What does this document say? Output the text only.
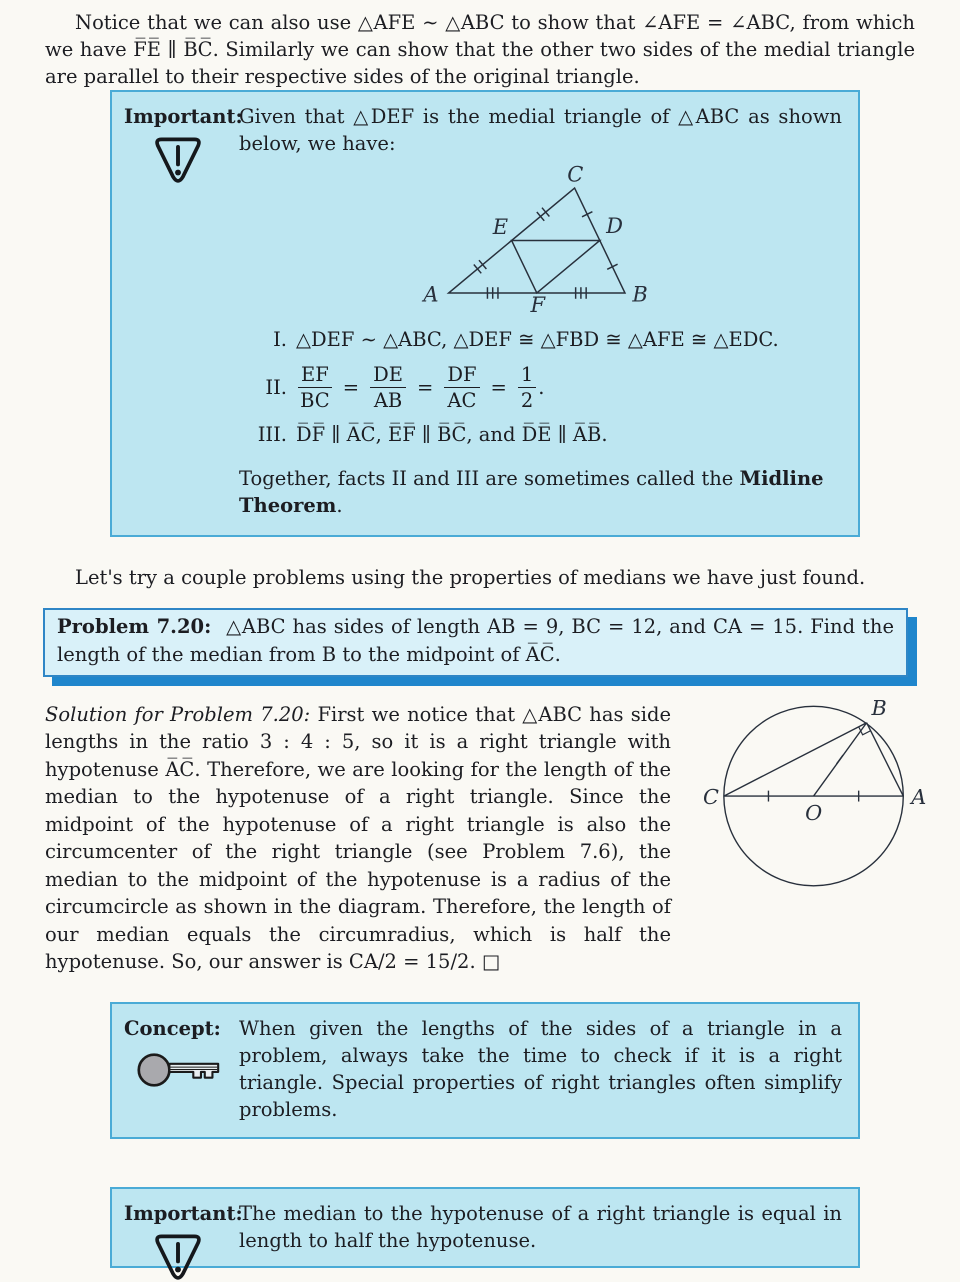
Notice that we can also use △AFE ∼ △ABC to show that ∠AFE = ∠ABC, from which we have F̅E̅ ∥ B̅C̅. Similarly we can show that the other two sides of the medial triangle are parallel to their respective sides of the original triangle.

Important:

Given that △DEF is the medial triangle of △ABC as shown below, we have:

A	B
C
D
E
F
I. △DEF ∼ △ABC, △DEF ≅ △FBD ≅ △AFE ≅ △EDC.
II. $\frac{EF}{BC} = \frac{DE}{AB} = \frac{DF}{AC} = \frac{1}{2}$ .
III. D̅F̅ ∥ A̅C̅, E̅F̅ ∥ B̅C̅, and D̅E̅ ∥ A̅B̅.

Together, facts II and III are sometimes called the Midline Theorem.

Let's try a couple problems using the properties of medians we have just found.

Problem 7.20: △ABC has sides of length AB = 9, BC = 12, and CA = 15. Find the length of the median from B to the midpoint of A̅C̅.
C	A
B
O

Solution for Problem 7.20: First we notice that △ABC has side lengths in the ratio 3 : 4 : 5, so it is a right triangle with hypotenuse A̅C̅. Therefore, we are looking for the length of the median to the hypotenuse of a right triangle. Since the midpoint of the hypotenuse of a right triangle is also the circumcenter of the right triangle (see Problem 7.6), the median to the midpoint of the hypotenuse is a radius of the circumcircle as shown in the diagram. Therefore, the length of our median equals the circumradius, which is half the hypotenuse. So, our answer is CA/2 = 15/2. □

Concept: When given the lengths of the sides of a triangle in a problem, always take the time to check if it is a right triangle. Special properties of right triangles often simplify problems.

Important:

The median to the hypotenuse of a right triangle is equal in length to half the hypotenuse.
